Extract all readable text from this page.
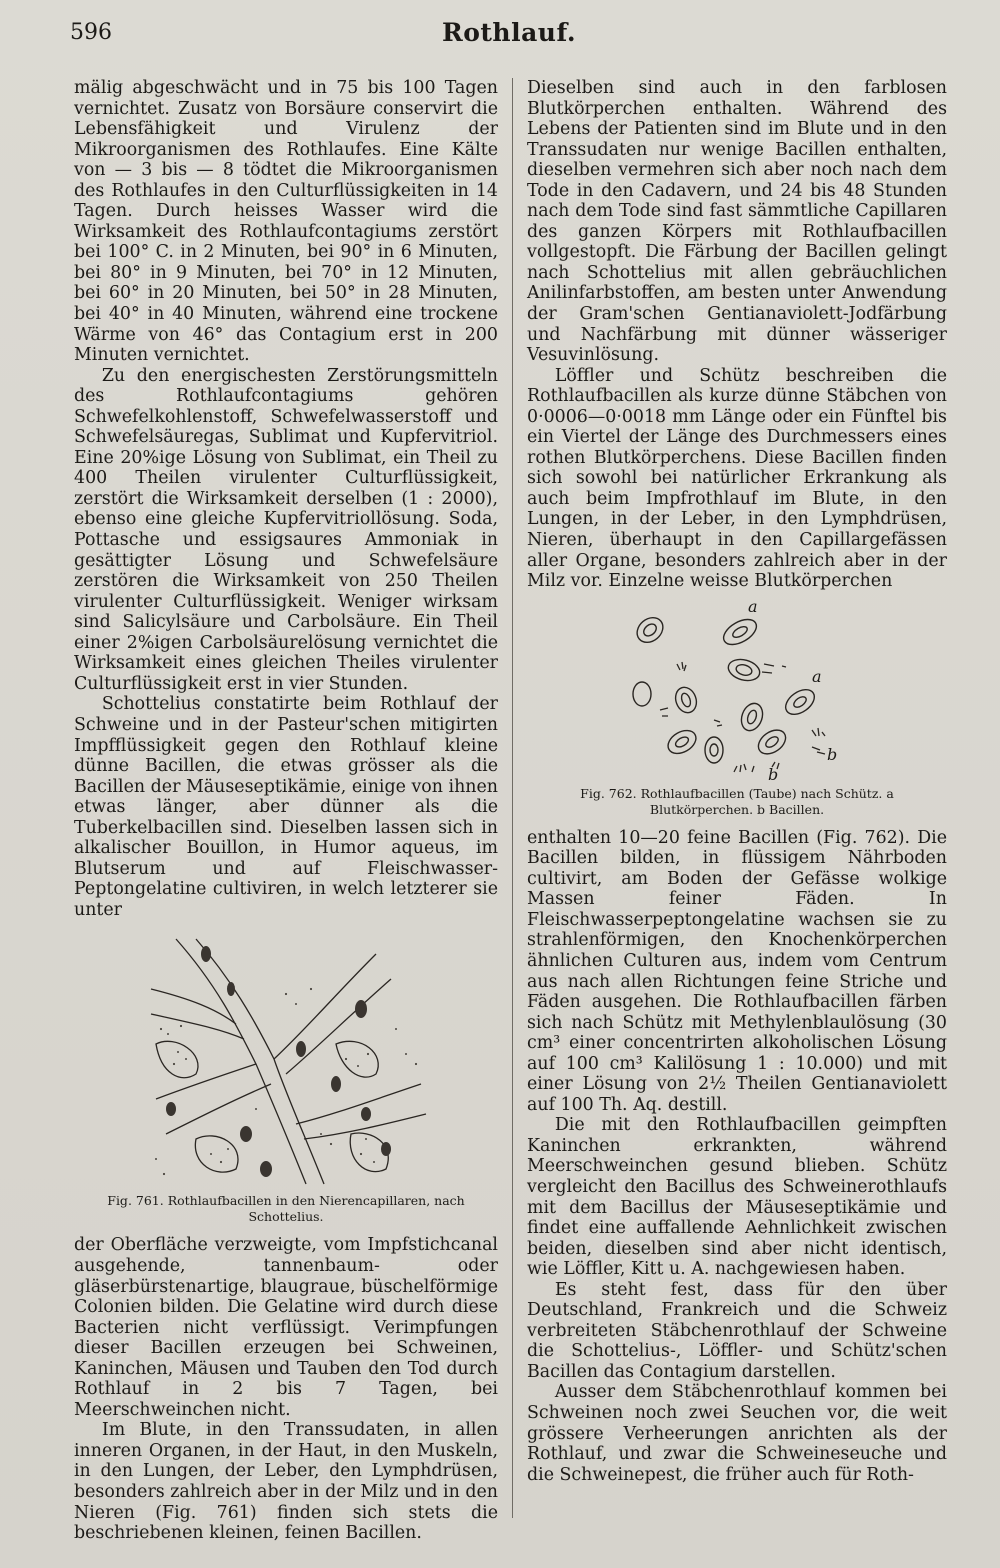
596	Rothlauf.

mälig abgeschwächt und in 75 bis 100 Tagen vernichtet. Zusatz von Borsäure conservirt die Lebensfähigkeit und Virulenz der Mikroorganismen des Rothlaufes. Eine Kälte von — 3 bis — 8 tödtet die Mikroorganismen des Rothlaufes in den Culturflüssigkeiten in 14 Tagen. Durch heisses Wasser wird die Wirksamkeit des Rothlaufcontagiums zerstört bei 100° C. in 2 Minuten, bei 90° in 6 Minuten, bei 80° in 9 Minuten, bei 70° in 12 Minuten, bei 60° in 20 Minuten, bei 50° in 28 Minuten, bei 40° in 40 Minuten, während eine trockene Wärme von 46° das Contagium erst in 200 Minuten vernichtet.

Zu den energischesten Zerstörungsmitteln des Rothlaufcontagiums gehören Schwefelkohlenstoff, Schwefelwasserstoff und Schwefelsäuregas, Sublimat und Kupfervitriol. Eine 20%ige Lösung von Sublimat, ein Theil zu 400 Theilen virulenter Culturflüssigkeit, zerstört die Wirksamkeit derselben (1 : 2000), ebenso eine gleiche Kupfervitriollösung. Soda, Pottasche und essigsaures Ammoniak in gesättigter Lösung und Schwefelsäure zerstören die Wirksamkeit von 250 Theilen virulenter Culturflüssigkeit. Weniger wirksam sind Salicylsäure und Carbolsäure. Ein Theil einer 2%igen Carbolsäurelösung vernichtet die Wirksamkeit eines gleichen Theiles virulenter Culturflüssigkeit erst in vier Stunden.

Schottelius constatirte beim Rothlauf der Schweine und in der Pasteur'schen mitigirten Impfflüssigkeit gegen den Rothlauf kleine dünne Bacillen, die etwas grösser als die Bacillen der Mäuseseptikämie, einige von ihnen etwas länger, aber dünner als die Tuberkelbacillen sind. Dieselben lassen sich in alkalischer Bouillon, in Humor aqueus, im Blutserum und auf Fleischwasser-Peptongelatine cultiviren, in welch letzterer sie unter

Fig. 761. Rothlaufbacillen in den Nierencapillaren, nach Schottelius.

der Oberfläche verzweigte, vom Impfstichcanal ausgehende, tannenbaum- oder gläserbürstenartige, blaugraue, büschelförmige Colonien bilden. Die Gelatine wird durch diese Bacterien nicht verflüssigt. Verimpfungen dieser Bacillen erzeugen bei Schweinen, Kaninchen, Mäusen und Tauben den Tod durch Rothlauf in 2 bis 7 Tagen, bei Meerschweinchen nicht.

Im Blute, in den Transsudaten, in allen inneren Organen, in der Haut, in den Muskeln, in den Lungen, der Leber, den Lymphdrüsen, besonders zahlreich aber in der Milz und in den Nieren (Fig. 761) finden sich stets die beschriebenen kleinen, feinen Bacillen.

Dieselben sind auch in den farblosen Blutkörperchen enthalten. Während des Lebens der Patienten sind im Blute und in den Transsudaten nur wenige Bacillen enthalten, dieselben vermehren sich aber noch nach dem Tode in den Cadavern, und 24 bis 48 Stunden nach dem Tode sind fast sämmtliche Capillaren des ganzen Körpers mit Rothlaufbacillen vollgestopft. Die Färbung der Bacillen gelingt nach Schottelius mit allen gebräuchlichen Anilinfarbstoffen, am besten unter Anwendung der Gram'schen Gentianaviolett-Jodfärbung und Nachfärbung mit dünner wässeriger Vesuvinlösung.

Löffler und Schütz beschreiben die Rothlaufbacillen als kurze dünne Stäbchen von 0·0006—0·0018 mm Länge oder ein Fünftel bis ein Viertel der Länge des Durchmessers eines rothen Blutkörperchens. Diese Bacillen finden sich sowohl bei natürlicher Erkrankung als auch beim Impfrothlauf im Blute, in den Lungen, in der Leber, in den Lymphdrüsen, Nieren, überhaupt in den Capillargefässen aller Organe, besonders zahlreich aber in der Milz vor. Einzelne weisse Blutkörperchen

a
a
b
b
Fig. 762. Rothlaufbacillen (Taube) nach Schütz. a Blutkörperchen. b Bacillen.

enthalten 10—20 feine Bacillen (Fig. 762). Die Bacillen bilden, in flüssigem Nährboden cultivirt, am Boden der Gefässe wolkige Massen feiner Fäden. In Fleischwasserpeptongelatine wachsen sie zu strahlenförmigen, den Knochenkörperchen ähnlichen Culturen aus, indem vom Centrum aus nach allen Richtungen feine Striche und Fäden ausgehen. Die Rothlaufbacillen färben sich nach Schütz mit Methylenblaulösung (30 cm³ einer concentrirten alkoholischen Lösung auf 100 cm³ Kalilösung 1 : 10.000) und mit einer Lösung von 2½ Theilen Gentianaviolett auf 100 Th. Aq. destill.

Die mit den Rothlaufbacillen geimpften Kaninchen erkrankten, während Meerschweinchen gesund blieben. Schütz vergleicht den Bacillus des Schweinerothlaufs mit dem Bacillus der Mäuseseptikämie und findet eine auffallende Aehnlichkeit zwischen beiden, dieselben sind aber nicht identisch, wie Löffler, Kitt u. A. nachgewiesen haben.

Es steht fest, dass für den über Deutschland, Frankreich und die Schweiz verbreiteten Stäbchenrothlauf der Schweine die Schottelius-, Löffler- und Schütz'schen Bacillen das Contagium darstellen.

Ausser dem Stäbchenrothlauf kommen bei Schweinen noch zwei Seuchen vor, die weit grössere Verheerungen anrichten als der Rothlauf, und zwar die Schweineseuche und die Schweinepest, die früher auch für Roth-
